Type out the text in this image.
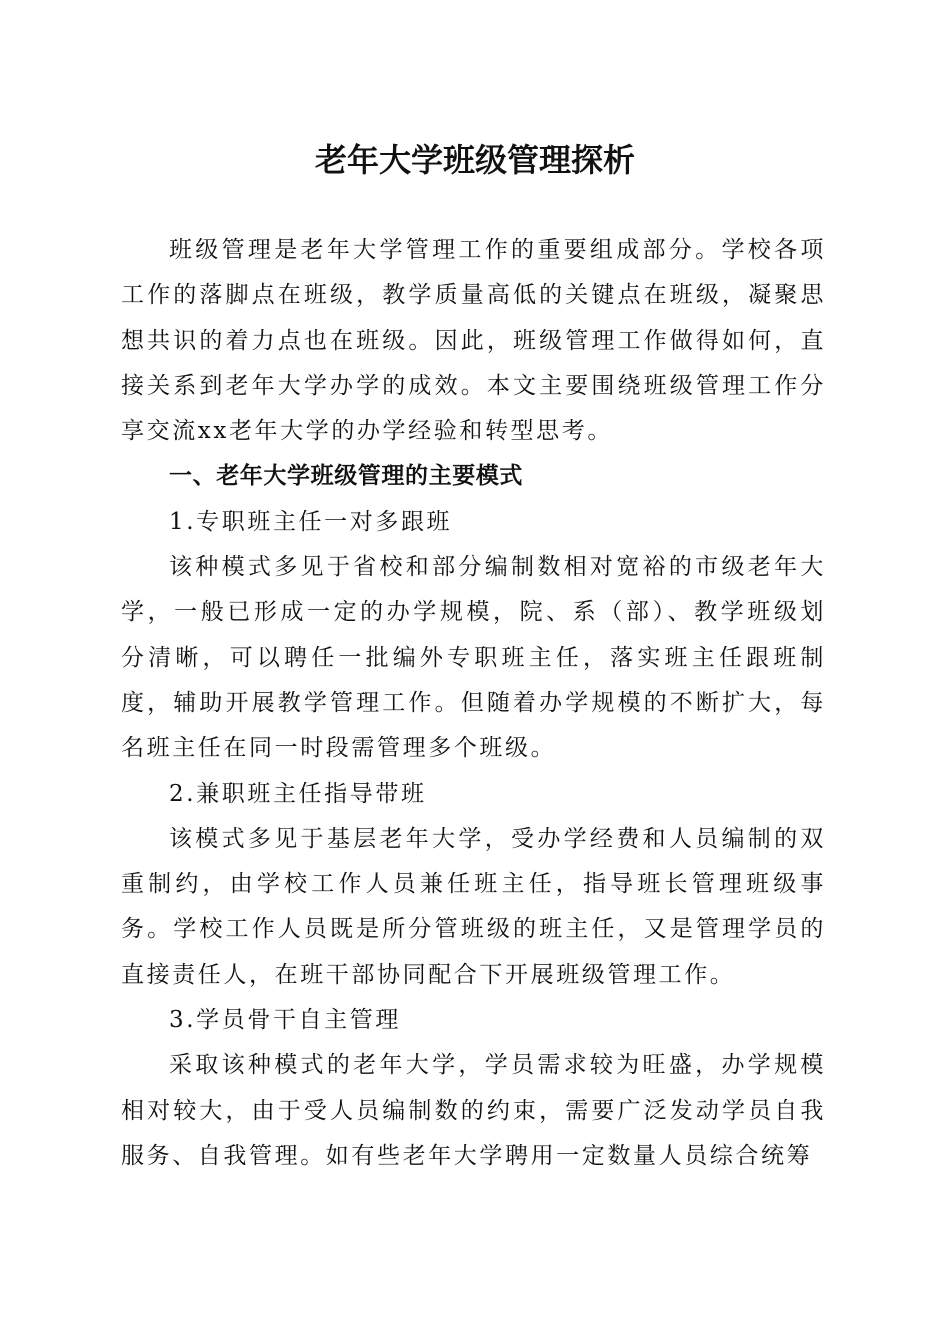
老年大学班级管理探析

班级管理是老年大学管理工作的重要组成部分。学校各项工作的落脚点在班级，教学质量高低的关键点在班级，凝聚思想共识的着力点也在班级。因此，班级管理工作做得如何，直接关系到老年大学办学的成效。本文主要围绕班级管理工作分享交流xx老年大学的办学经验和转型思考。

一、老年大学班级管理的主要模式

1.专职班主任一对多跟班

该种模式多见于省校和部分编制数相对宽裕的市级老年大学，一般已形成一定的办学规模，院、系（部）、教学班级划分清晰，可以聘任一批编外专职班主任，落实班主任跟班制度，辅助开展教学管理工作。但随着办学规模的不断扩大，每名班主任在同一时段需管理多个班级。

2.兼职班主任指导带班

该模式多见于基层老年大学，受办学经费和人员编制的双重制约，由学校工作人员兼任班主任，指导班长管理班级事务。学校工作人员既是所分管班级的班主任，又是管理学员的直接责任人，在班干部协同配合下开展班级管理工作。

3.学员骨干自主管理

采取该种模式的老年大学，学员需求较为旺盛，办学规模相对较大，由于受人员编制数的约束，需要广泛发动学员自我服务、自我管理。如有些老年大学聘用一定数量人员综合统筹
